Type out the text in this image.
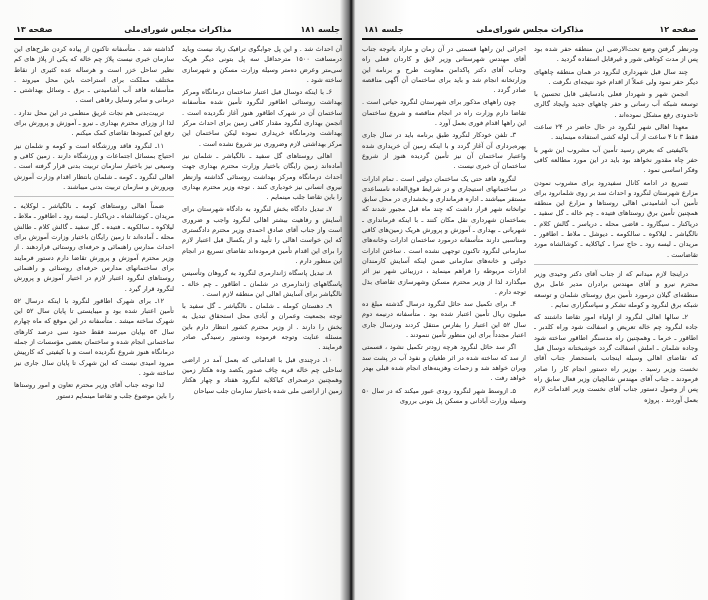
جلسه ۱۸۱
مذاکرات مجلس شورای‌ملی
صفحه ۱۳

آن احداث شد . و این پل جوابگوی ترافیک زیاد نیست وباید درمسافت ۱۵۰۰ مترحداقل سه پل بتونی دیگر هریک سی‌متر وعرض ده‌متر وسیله وزارت مسکن و شهرسازی ساخته شود .

۶ـ با اینکه دوسال قبل اعتبار ساختمان درمانگاه ومرکز بهداشت روستائی اطاقور لنگرود تأمین شده متأسفانه ساختمان آن در شهرک اطاقور هنوز آغاز نگردیده است . انجمن بهداری لنگرود مقدار کافی زمین برای احداث مرکز بهداشت ودرمانگاه خریداری نموده لیکن ساختمان این مرکز بهداشتی لازم وضروری نیز شروع نشده است .

اهالی روستاهای گل سفید ـ نالگیاشر ـ شلمان نیز آماده‌اند زمین رایگان باختیار وزارت محترم بهداری جهت احداث درمانگاه ومرکز بهداشت روستائی گذاشته وازنظر نیروی انسانی نیز خودیاری کنند . توجه وزیر محترم بهداری را باین تقاضا جلب مینمایم .

۷ـ تبدیل دادگاه بخش لنگرود به دادگاه شهرستان برای آسایش و رفاهیت بیشتر اهالی لنگرود واجب و ضروری است واز جناب آقای صادق احمدی وزیر محترم دادگستری که این خواست اهالی را تأیید و از یکسال قبل اعتبار لازم را برای این اقدام تأمین فرموده‌اند تقاضای تسریع در انجام این منظور دارم .

۸ـ تبدیل پاسگاه ژاندارمری لنگرود به گروهان وتأسیس پاسگاههای ژاندارمری در شلمان ـ اطاقور ـ چم خاله ـ نالگیاشر برای آسایش اهالی این منطقه لازم است .

۹ـ دهستان کومله ـ شلمان ـ نالگیاشر ـ گل سفید با توجه بجمعیت وعمران و آبادی محل استحقاق تبدیل به بخش را دارند . از وزیر محترم کشور انتظار دارم باین مسئله عنایت وتوجه فرموده ودستور رسیدگی صادر فرمایند .

۱۰ـ درچندی قبل با اقداماتی که بعمل آمد در اراضی ساحلی چم خاله قریه چاف صدور یکصد وده هکتار زمین وهمچنین درصحرای کیاکلایه لنگرود هفتاد و چهار هکتار زمین از اراضی ملی شده باختیار سازمان جلب سیاحان

گذاشته شد . متأسفانه تاکنون از پیاده کردن طرح‌های این سازمان خبری نیست پلاژ چم خاله که یکی از پلاژ های کم نظیر ساحل خزر است و هرساله عده کثیری از نقاط مختلف مملکت برای استراحت باین محل میروند . متأسفانه فاقد آب آشامیدنی ـ برق ـ وسائل بهداشتی ـ درمانی و سایر وسایل رفاهی است .

تربیت‌بدنی هم نجات غریق منظمی در این محل ندارد . لذا از وزرای محترم بهداری ـ نیرو ـ آموزش و پرورش برای رفع این کمبودها تقاضای کمک میکنم .

۱۱ـ لنگرود فاقد ورزشگاه است و کومه و شلمان نیز احتیاج بمسائل اجتماعات و ورزشگاه دارند . زمین کافی و وسیعی نیز باختیار سازمان تربیت بدنی قرار گرفته است . اهالی لنگرود ـ کومه ـ شلمان بانتظار اقدام وزارت آموزش وپرورش و سازمان تربیت بدنی میباشند .

ضمناً اهالی روستاهای کومه ـ نالگیاشر ـ لوکلایه ـ مریدان ـ کوشالشاه ـ دریاکنار ـ لیسه رود ـ اطاقور ـ ملاط ـ لیلاکوه ـ سالکویه ـ فتیده ـ گل سفید ـ گالش کلام ـ طالش محله ـ آماده‌اند تا زمین رایگان باختیار وزارت آموزش برای احداث مدارس راهنمائی و حرفه‌ای روستائی قراردهند . از وزیر محترم آموزش و پرورش تقاضا دارم دستور فرمایند برای ساختمانهای مدارس حرفه‌ای روستائی و راهنمائی روستاهای لنگرود اعتبار لازم در اختیار آموزش و پرورش لنگرود قرار گیرد .

۱۲ـ برای شهرک اطاقور لنگرود با اینکه درسال ۵۲ تأمین اعتبار شده بود و میبایستی تا پایان سال ۵۲ این شهرک ساخته میشد . متأسفانه در این موقع که ماه چهارم سال ۵۳ بپایان میرسد فقط حدود سی درصد کارهای ساختمانی انجام شده و ساختمان بعضی مؤسسات از جمله درمانگاه هنوز شروع نگردیده است و با کیفیتی که کارپیش میرود امیدی نیست که این شهرک تا پایان سال جاری نیز ساخته شود .

لذا توجه جناب آقای وزیر محترم تعاون و امور روستاها را باین موضوع جلب و تقاضا مینمایم دستور

صفحه ۱۲
مذاکرات مجلس شورای‌ملی
جلسه ۱۸۱

ودرنظر گرفتن وضع تحت‌الارضی این منطقه حفر شده بود پس از مدت کوتاهی شور و غیرقابل استفاده گردید .

چند سال قبل شهرداری لنگرود در همان منطقه چاههای دیگر حفر نمود ولی عملاً از اقدام خود نتیجه‌ای نگرفت .

انجمن شهر و شهردار فعلی بادسایقی قابل تحسین با توسعه شبکه آب رسانی و حفر چاههای جدید وایجاد گالری تاحدودی رفع مشکل نموده‌اند .

معهذا اهالی شهر لنگرود در حال حاضر در ۲۴ ساعت فقط ۳ تا ۴ ساعت از آب لوله کشی استفاده مینمایند .

باکیفیتی که بعرض رسید تأمین آب مشروب این شهر با حفر چاه مقدور نخواهد بود باید در این مورد مطالعه کافی وفکر اساسی نمود .

تسریع در ادامه کانال سفیدرود برای مشروب نمودن مزارع شهرستان لنگرود و احداث سد بر روی شلمانرود برای تأمین آب آشامیدنی اهالی روستاها و مزارع این منطقه همچنین تأمین برق روستاهای فتیده ـ چم خاله ـ گل سفید ـ دریاکنار ـ سیگارود ـ قاضی محله ـ دریاسر ـ گالش کلام ـ نالگیاشر ـ لیلاکوه ـ سالکومه ـ دیوشل ـ ملاط ـ اطاقور ـ مریدان ـ لیسه رود ـ حاج سرا ـ کیاکلایه ـ کوشالشاه مورد تقاضاست .

دراینجا لازم میدانم که از جناب آقای دکتر وحیدی وزیر محترم نیرو و آقای مهندس برادران مدیر عامل برق منطقه‌ای گیلان درمورد تأمین برق روستای شلمان و توسعه شبکه برق لنگرود و کومله تشکر و سپاسگزاری نمایم .

۲ـ سالها اهالی لنگرود از اولیاء امور تقاضا داشتند که جاده لنگرود چم خاله تعریض و اسفالت شود وراه کلدبر ـ اطاقور ـ خرما ـ وهمچنین راه مدسنگر اطاقور ساخته شود وجاده شلمان ـ املش اسفالت گردد خوشبختانه دوسال قبل که تقاضای اهالی وسیله اینجانب باستحضار جناب آقای نخست وزیر رسید . بوزیر راه دستور انجام کار را صادر فرمودند ـ جناب آقای مهندس شالچیان وزیر فعال سابق راه پس از وصول دستور جناب آقای نخست وزیر اقدامات لازم بعمل آوردند . پروژه

اجرائی این راهها قسمتی در آن زمان و مازاد باتوجه جناب آقای مهندس شهرستانی وزیر لایق و کاردان فعلی راه وجناب آقای دکتر پاکدامن معاونت طرح و برنامه این وزارتخانه انجام شد و باید برای ساختمان آن آگهی مناقصه صادر گردد .

چون راههای مذکور برای شهرستان لنگرود حیاتی است . تقاضا دارم وزارت راه در انجام مناقصه و شروع ساختمان این راهها اقدام فوری بعمل آورد .

۳ـ تلفن خودکار لنگرود طبق برنامه باید در سال جاری بهره‌برداری آن آغاز گردد و با اینکه زمین آن خریداری شده واعتبار ساختمان آن نیز تأمین گردیده هنوز از شروع ساختمان آن خبری نیست .

لنگرود فاقد حتی یک ساختمان دولتی است . تمام ادارات در ساختمانهای استیجاری و در شرایط فوق‌العاده نامساعدی مستقر میباشند ـ اداره فرمانداری و بخشداری در محل سابق توانخانه شهر قرار داشت که چند ماه قبل مجبور شدند که بساختمان شهرداری نقل مکان کنند ـ با اینکه فرمانداری ـ شهربانی ـ بهداری ـ آموزش و پرورش هریک زمین‌های کافی ومناسبی دارند متأسفانه درمورد ساختمان ادارات وخانه‌های سازمانی لنگرود تاکنون توجهی نشده است . ساختن ادارات دولتی و خانه‌های سازمانی ضمن اینکه آسایش کارمندان ادارات مربوطه را فراهم مینماید ، درزیبائی شهر نیز اثر میگذارد لذا از وزیر محترم مسکن وشهرسازی تقاضای بذل توجه دارم .

۴ـ برای تکمیل سد حائل لنگرود درسال گذشته مبلغ ده میلیون ریال تأمین اعتبار شده بود . متأسفانه درنیمه دوم سال ۵۲ این اعتبار را بفارس منتقل کردند ودرسال جاری اعتبار مجدداً برای این منظور تأمین ننمودند .

اگر سد حائل لنگرود هرچه زودتر تکمیل نشود ، قسمتی از سد که ساخته شده در اثر طغیان و نفوذ آب در پشت سد ویران خواهد شد و زحمات وهزینه‌های انجام شده قبلی بهدر خواهد رفت .

۵ـ ازوسط شهر لنگرود رودی عبور میکند که در سال ۵۰ وسیله وزارت آبادانی و مسکن پل بتونی برروی
